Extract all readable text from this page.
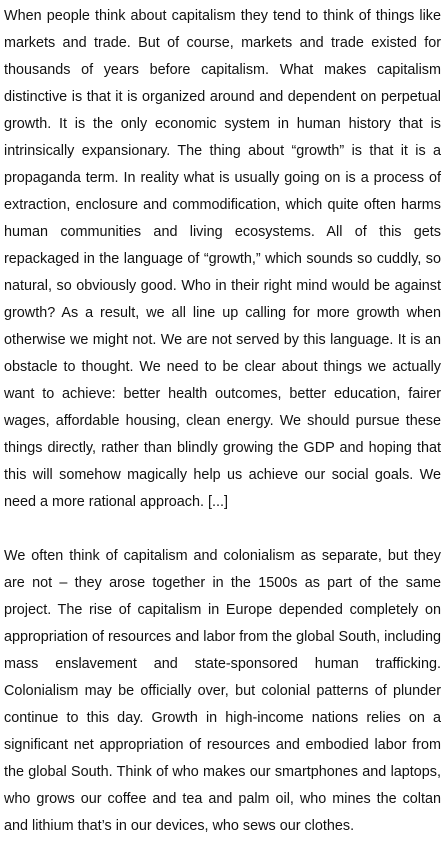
When people think about capitalism they tend to think of things like markets and trade. But of course, markets and trade existed for thousands of years before capitalism. What makes capitalism distinctive is that it is organized around and dependent on perpetual growth. It is the only economic system in human history that is intrinsically expansionary. The thing about “growth” is that it is a propaganda term. In reality what is usually going on is a process of extraction, enclosure and commodification, which quite often harms human communities and living ecosystems. All of this gets repackaged in the language of “growth,” which sounds so cuddly, so natural, so obviously good. Who in their right mind would be against growth? As a result, we all line up calling for more growth when otherwise we might not. We are not served by this language. It is an obstacle to thought. We need to be clear about things we actually want to achieve: better health outcomes, better education, fairer wages, affordable housing, clean energy. We should pursue these things directly, rather than blindly growing the GDP and hoping that this will somehow magically help us achieve our social goals. We need a more rational approach. [...]

We often think of capitalism and colonialism as separate, but they are not – they arose together in the 1500s as part of the same project. The rise of capitalism in Europe depended completely on appropriation of resources and labor from the global South, including mass enslavement and state-sponsored human trafficking. Colonialism may be officially over, but colonial patterns of plunder continue to this day. Growth in high-income nations relies on a significant net appropriation of resources and embodied labor from the global South. Think of who makes our smartphones and laptops, who grows our coffee and tea and palm oil, who mines the coltan and lithium that’s in our devices, who sews our clothes.
